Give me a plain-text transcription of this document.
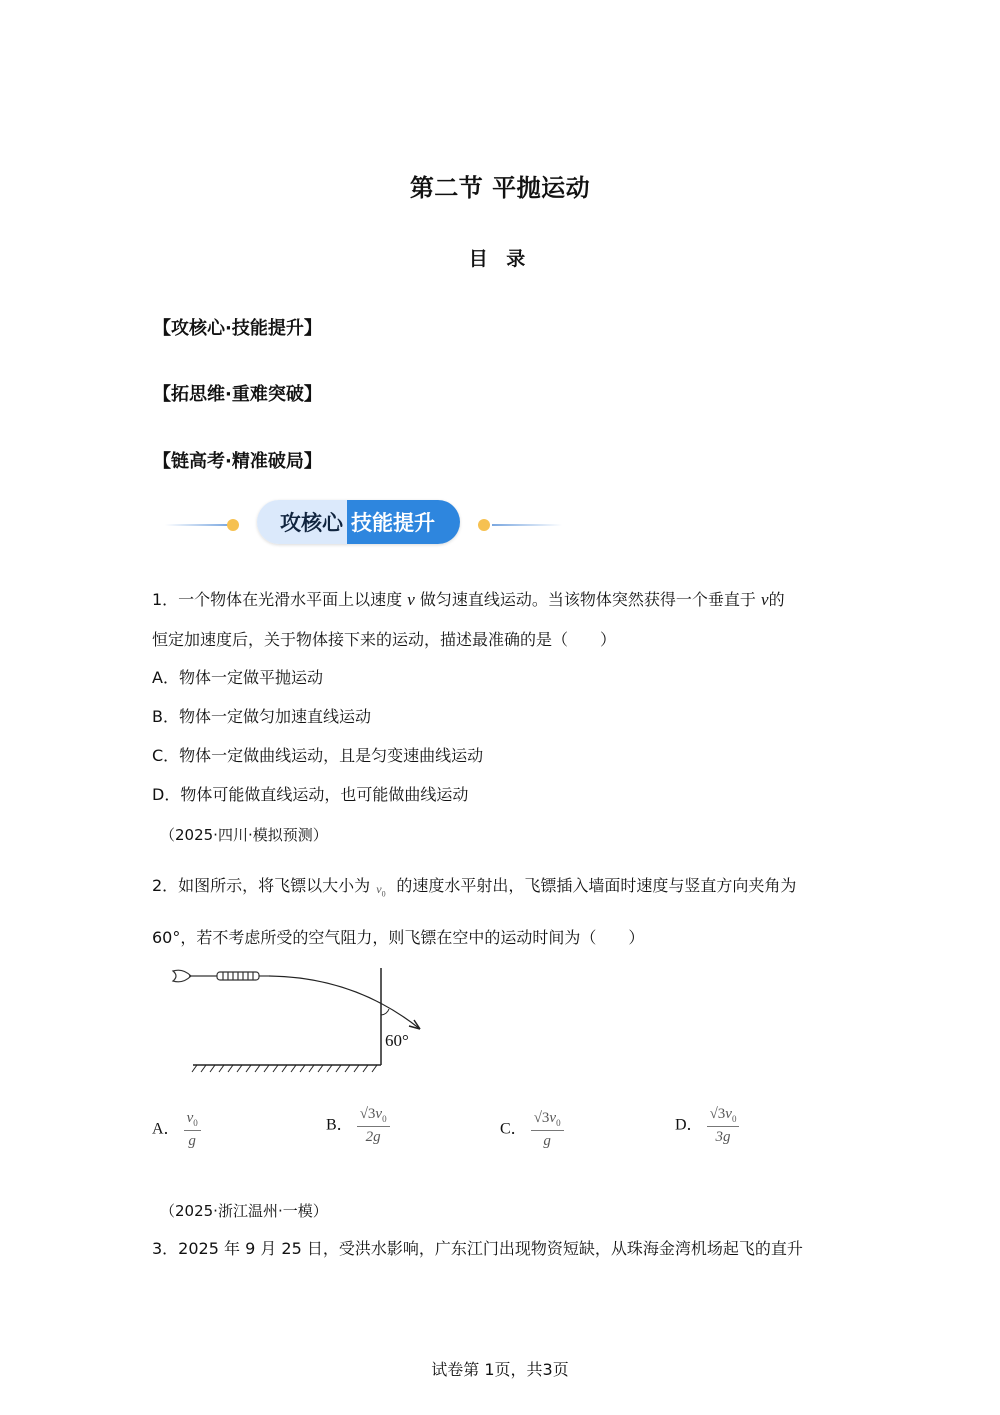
第二节 平抛运动
目 录
【攻核心·技能提升】
【拓思维·重难突破】
【链高考·精准破局】
攻核心 技能提升
1．一个物体在光滑水平面上以速度 v 做匀速直线运动。当该物体突然获得一个垂直于 v的
恒定加速度后，关于物体接下来的运动，描述最准确的是（　　）
A．物体一定做平抛运动
B．物体一定做匀加速直线运动
C．物体一定做曲线运动，且是匀变速曲线运动
D．物体可能做直线运动，也可能做曲线运动
（2025·四川·模拟预测）
2．如图所示，将飞镖以大小为 $v_0$ 的速度水平射出，飞镖插入墙面时速度与竖直方向夹角为
60°，若不考虑所受的空气阻力，则飞镖在空中的运动时间为（　　）
60°
A． $\frac{v_0}{g}$	B． $\frac{√3v_0}{2g}$	C． $\frac{√3v_0}{g}$	D． $\frac{√3v_0}{3g}$
（2025·浙江温州·一模）
3．2025 年 9 月 25 日，受洪水影响，广东江门出现物资短缺，从珠海金湾机场起飞的直升
试卷第 1页，共3页
